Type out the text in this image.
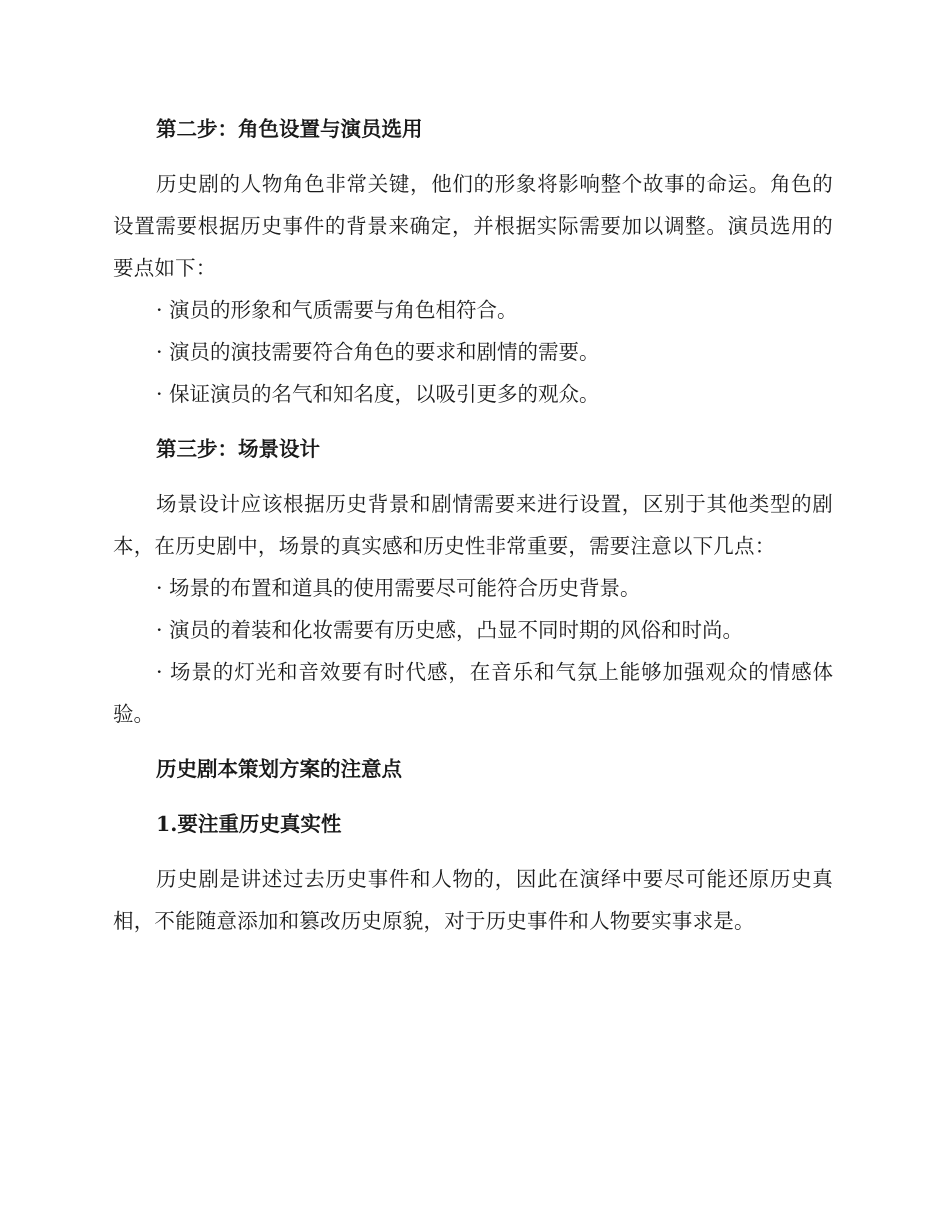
第二步：角色设置与演员选用

历史剧的人物角色非常关键，他们的形象将影响整个故事的命运。角色的设置需要根据历史事件的背景来确定，并根据实际需要加以调整。演员选用的要点如下：

· 演员的形象和气质需要与角色相符合。

· 演员的演技需要符合角色的要求和剧情的需要。

· 保证演员的名气和知名度，以吸引更多的观众。

第三步：场景设计

场景设计应该根据历史背景和剧情需要来进行设置，区别于其他类型的剧本，在历史剧中，场景的真实感和历史性非常重要，需要注意以下几点：

· 场景的布置和道具的使用需要尽可能符合历史背景。

· 演员的着装和化妆需要有历史感，凸显不同时期的风俗和时尚。

· 场景的灯光和音效要有时代感，在音乐和气氛上能够加强观众的情感体验。

历史剧本策划方案的注意点
1.要注重历史真实性

历史剧是讲述过去历史事件和人物的，因此在演绎中要尽可能还原历史真相，不能随意添加和篡改历史原貌，对于历史事件和人物要实事求是。
